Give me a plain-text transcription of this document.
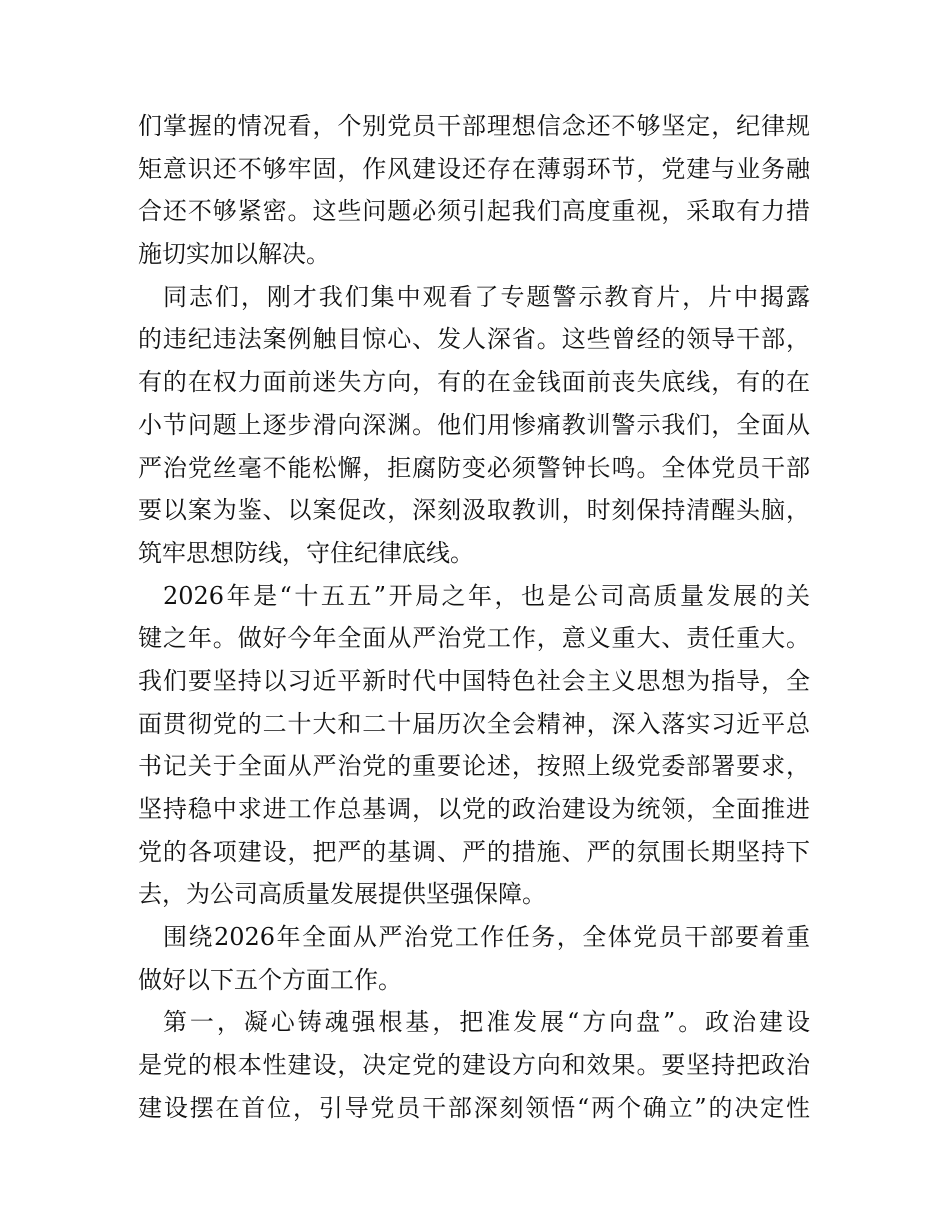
们掌握的情况看，个别党员干部理想信念还不够坚定，纪律规
矩意识还不够牢固，作风建设还存在薄弱环节，党建与业务融
合还不够紧密。这些问题必须引起我们高度重视，采取有力措
施切实加以解决。
同志们，刚才我们集中观看了专题警示教育片，片中揭露
的违纪违法案例触目惊心、发人深省。这些曾经的领导干部，
有的在权力面前迷失方向，有的在金钱面前丧失底线，有的在
小节问题上逐步滑向深渊。他们用惨痛教训警示我们，全面从
严治党丝毫不能松懈，拒腐防变必须警钟长鸣。全体党员干部
要以案为鉴、以案促改，深刻汲取教训，时刻保持清醒头脑，
筑牢思想防线，守住纪律底线。
2026年是“十五五”开局之年，也是公司高质量发展的关
键之年。做好今年全面从严治党工作，意义重大、责任重大。
我们要坚持以习近平新时代中国特色社会主义思想为指导，全
面贯彻党的二十大和二十届历次全会精神，深入落实习近平总
书记关于全面从严治党的重要论述，按照上级党委部署要求，
坚持稳中求进工作总基调，以党的政治建设为统领，全面推进
党的各项建设，把严的基调、严的措施、严的氛围长期坚持下
去，为公司高质量发展提供坚强保障。
围绕2026年全面从严治党工作任务，全体党员干部要着重
做好以下五个方面工作。
第一，凝心铸魂强根基，把准发展“方向盘”。政治建设
是党的根本性建设，决定党的建设方向和效果。要坚持把政治
建设摆在首位，引导党员干部深刻领悟“两个确立”的决定性
